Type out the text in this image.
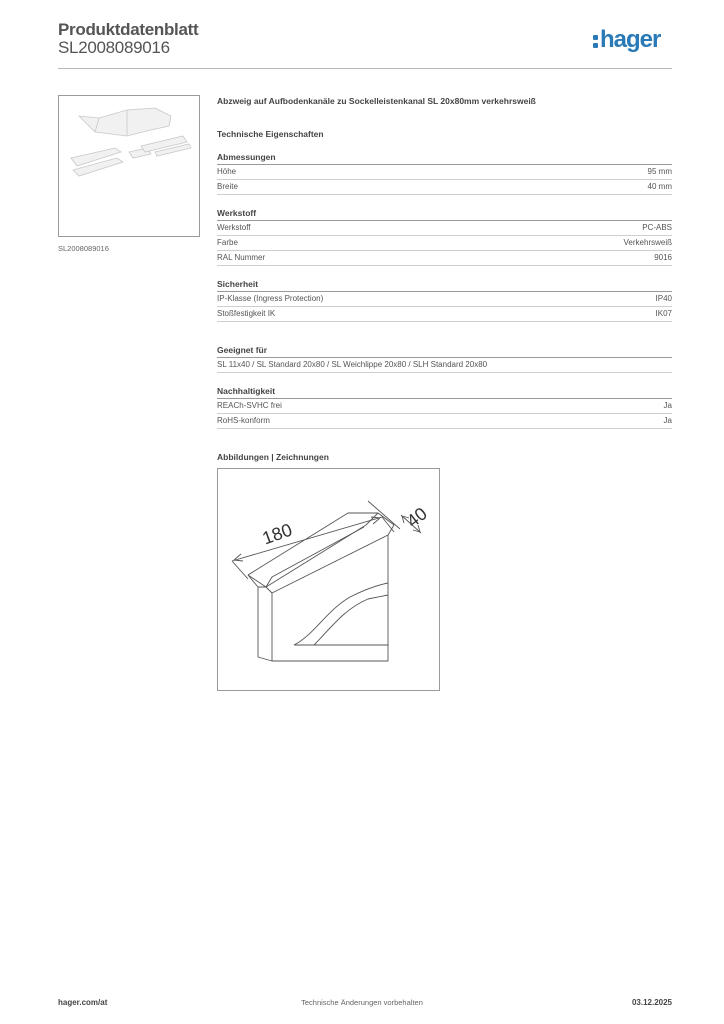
Produktdatenblatt
SL2008089016	hager
SL2008089016
Abzweig auf Aufbodenkanäle zu Sockelleistenkanal SL 20x80mm verkehrsweiß
Technische Eigenschaften
Abmessungen
Höhe	95 mm
Breite	40 mm
Werkstoff
Werkstoff	PC-ABS
Farbe	Verkehrsweiß
RAL Nummer	9016
Sicherheit
IP-Klasse (Ingress Protection)	IP40
Stoßfestigkeit IK	IK07
Geeignet für
SL 11x40 / SL Standard 20x80 / SL Weichlippe 20x80 / SLH Standard 20x80
Nachhaltigkeit
REACh-SVHC frei	Ja
RoHS-konform	Ja
Abbildungen | Zeichnungen
180
40
hager.com/at	Technische Änderungen vorbehalten	03.12.2025
